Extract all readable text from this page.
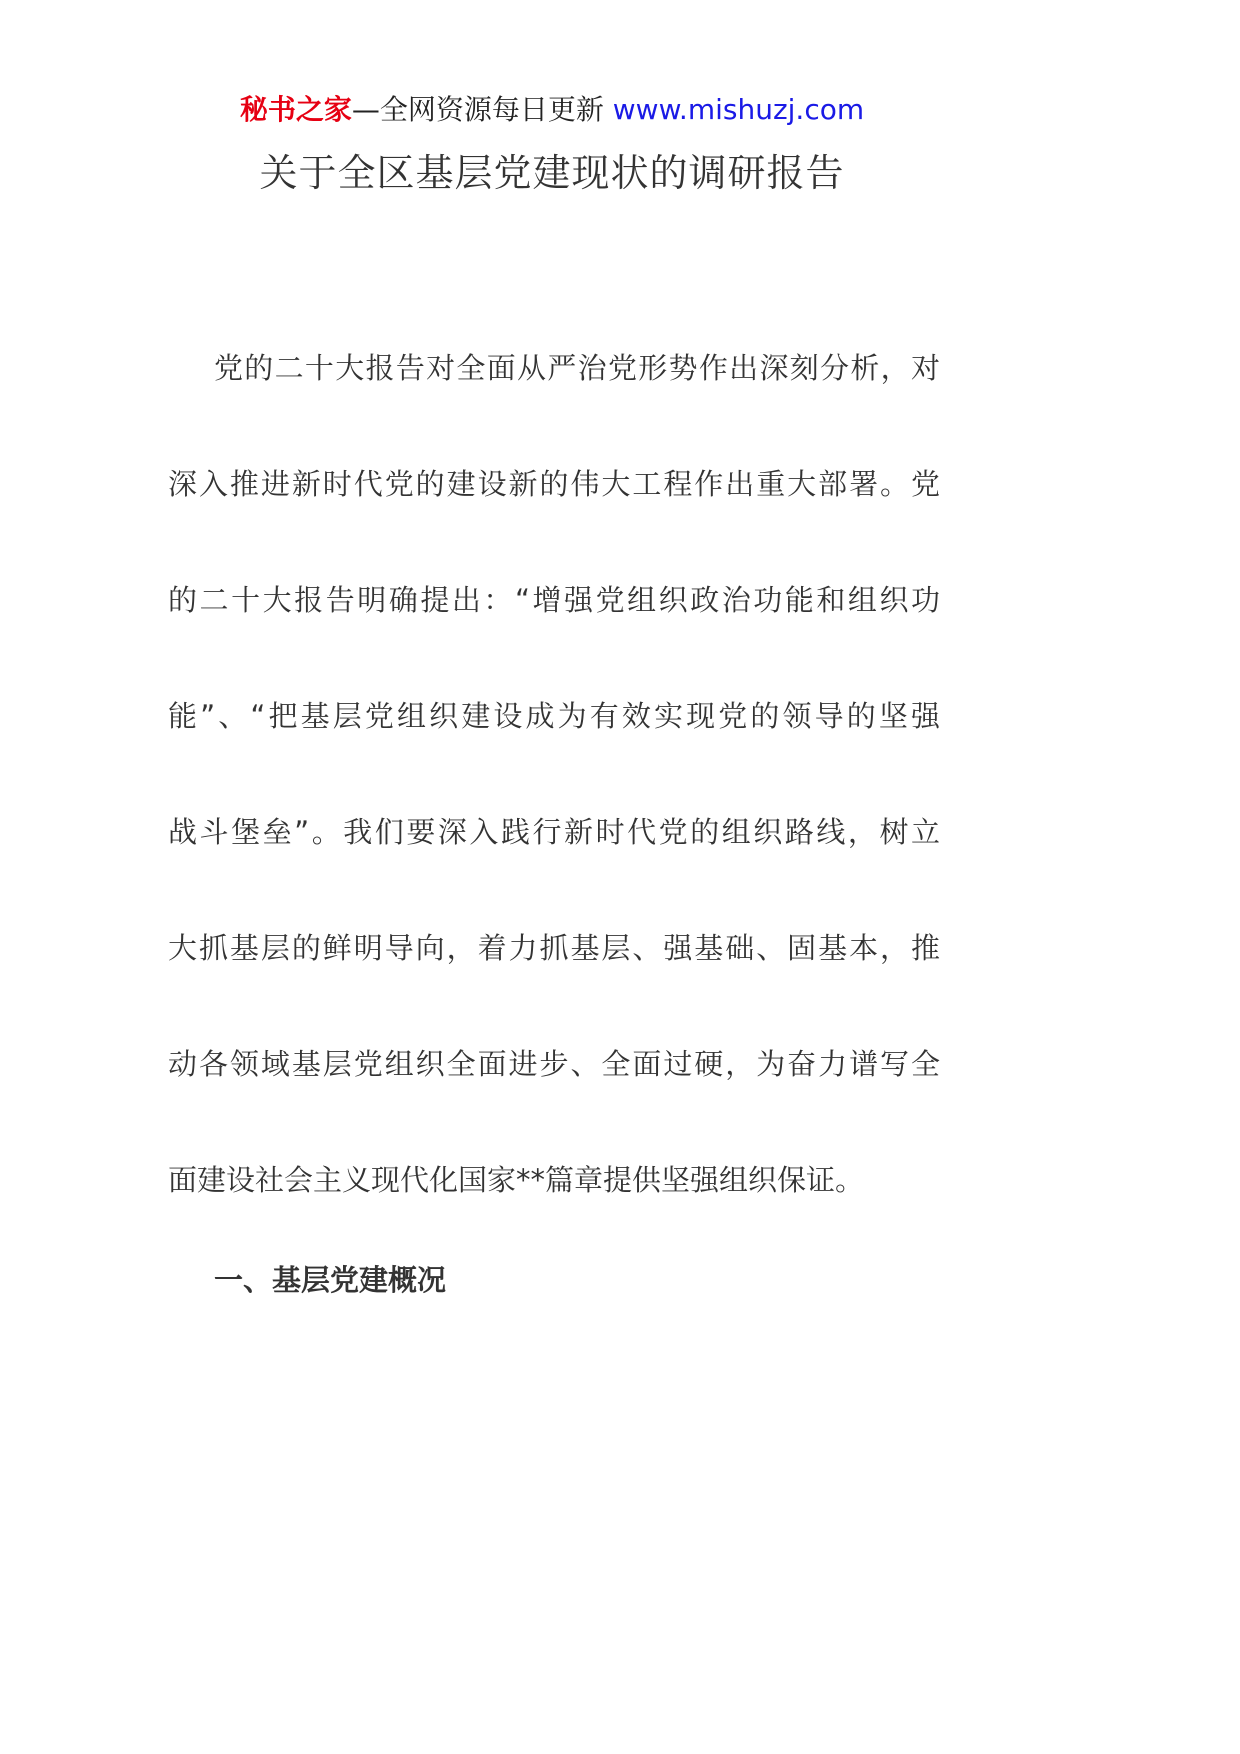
秘书之家—全网资源每日更新 www.mishuzj.com
关于全区基层党建现状的调研报告
党的二十大报告对全面从严治党形势作出深刻分析，对
深入推进新时代党的建设新的伟大工程作出重大部署。党
的二十大报告明确提出：“增强党组织政治功能和组织功
能”、“把基层党组织建设成为有效实现党的领导的坚强
战斗堡垒”。我们要深入践行新时代党的组织路线，树立
大抓基层的鲜明导向，着力抓基层、强基础、固基本，推
动各领域基层党组织全面进步、全面过硬，为奋力谱写全
面建设社会主义现代化国家**篇章提供坚强组织保证。
一、基层党建概况
